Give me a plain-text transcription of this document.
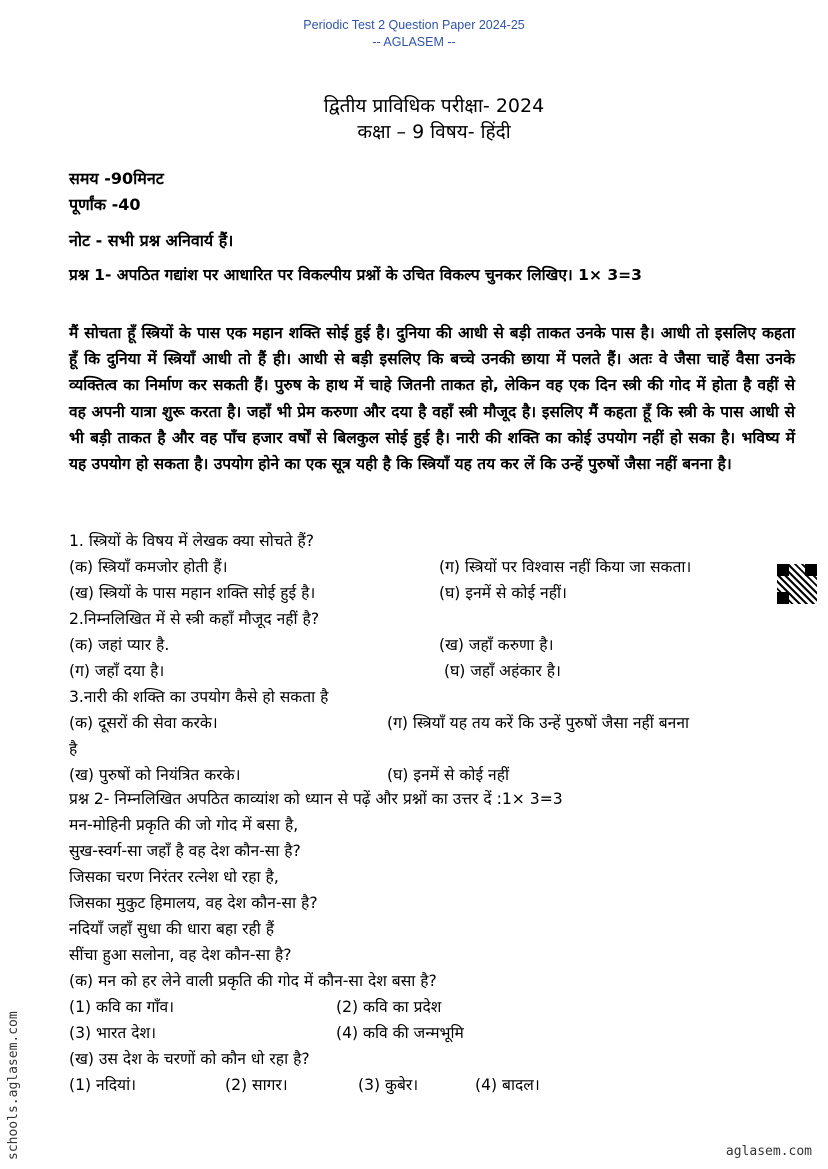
Periodic Test 2 Question Paper 2024-25
-- AGLASEM --
द्वितीय प्राविधिक परीक्षा- 2024
कक्षा – 9 विषय- हिंदी
समय -90मिनट
पूर्णांक -40
नोट - सभी प्रश्न अनिवार्य हैं।
प्रश्न 1- अपठित गद्यांश पर आधारित पर विकल्पीय प्रश्नों के उचित विकल्प चुनकर लिखिए। 1× 3=3
मैं सोचता हूँ स्त्रियों के पास एक महान शक्ति सोई हुई है। दुनिया की आधी से बड़ी ताकत उनके पास है। आधी तो इसलिए कहता हूँ कि दुनिया में स्त्रियाँ आधी तो हैं ही। आधी से बड़ी इसलिए कि बच्चे उनकी छाया में पलते हैं। अतः वे जैसा चाहें वैसा उनके व्यक्तित्व का निर्माण कर सकती हैं। पुरुष के हाथ में चाहे जितनी ताकत हो, लेकिन वह एक दिन स्त्री की गोद में होता है वहीं से वह अपनी यात्रा शुरू करता है। जहाँ भी प्रेम करुणा और दया है वहाँ स्त्री मौजूद है। इसलिए मैं कहता हूँ कि स्त्री के पास आधी से भी बड़ी ताकत है और वह पाँच हजार वर्षों से बिलकुल सोई हुई है। नारी की शक्ति का कोई उपयोग नहीं हो सका है। भविष्य में यह उपयोग हो सकता है। उपयोग होने का एक सूत्र यही है कि स्त्रियाँ यह तय कर लें कि उन्हें पुरुषों जैसा नहीं बनना है।
1. स्त्रियों के विषय में लेखक क्या सोचते हैं?
(क) स्त्रियाँ कमजोर होती हैं।	(ग) स्त्रियों पर विश्वास नहीं किया जा सकता।
(ख) स्त्रियों के पास महान शक्ति सोई हुई है।	(घ) इनमें से कोई नहीं।
2.निम्नलिखित में से स्त्री कहाँ मौजूद नहीं है?
(क) जहां प्यार है.	(ख) जहाँ करुणा है।
(ग) जहाँ दया है।	(घ) जहाँ अहंकार है।
3.नारी की शक्ति का उपयोग कैसे हो सकता है
(क) दूसरों की सेवा करके।	(ग) स्त्रियाँ यह तय करें कि उन्हें पुरुषों जैसा नहीं बनना
है
(ख) पुरुषों को नियंत्रित करके।	(घ) इनमें से कोई नहीं
प्रश्न 2- निम्नलिखित अपठित काव्यांश को ध्यान से पढ़ें और प्रश्नों का उत्तर दें :1× 3=3
मन-मोहिनी प्रकृति की जो गोद में बसा है,
सुख-स्वर्ग-सा जहाँ है वह देश कौन-सा है?
जिसका चरण निरंतर रत्नेश धो रहा है,
जिसका मुकुट हिमालय, वह देश कौन-सा है?
नदियाँ जहाँ सुधा की धारा बहा रही हैं
सींचा हुआ सलोना, वह देश कौन-सा है?
(क) मन को हर लेने वाली प्रकृति की गोद में कौन-सा देश बसा है?
(1) कवि का गाँव।	(2) कवि का प्रदेश
(3) भारत देश।	(4) कवि की जन्मभूमि
(ख) उस देश के चरणों को कौन धो रहा है?
(1) नदियां।	(2) सागर।	(3) कुबेर।	(4) बादल।
schools.aglasem.com	aglasem.com
